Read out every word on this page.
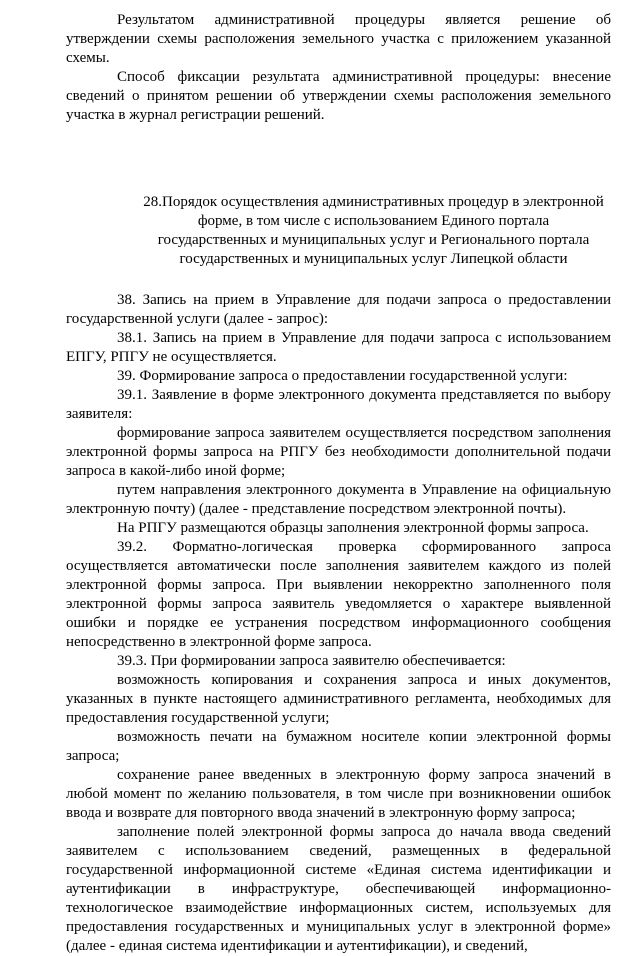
Результатом административной процедуры является решение об утверждении схемы расположения земельного участка с приложением указанной схемы.

Способ фиксации результата административной процедуры: внесение сведений о принятом решении об утверждении схемы расположения земельного участка в журнал регистрации решений.

28.Порядок осуществления административных процедур в электронной
форме, в том числе с использованием Единого портала
государственных и муниципальных услуг и Регионального портала
государственных и муниципальных услуг Липецкой области

38. Запись на прием в Управление для подачи запроса о предоставлении государственной услуги (далее - запрос):

38.1. Запись на прием в Управление для подачи запроса с использованием ЕПГУ, РПГУ не осуществляется.

39. Формирование запроса о предоставлении государственной услуги:

39.1. Заявление в форме электронного документа представляется по выбору заявителя:

формирование запроса заявителем осуществляется посредством заполнения электронной формы запроса на РПГУ без необходимости дополнительной подачи запроса в какой-либо иной форме;

путем направления электронного документа в Управление на официальную электронную почту) (далее - представление посредством электронной почты).

На РПГУ размещаются образцы заполнения электронной формы запроса.

39.2. Форматно-логическая проверка сформированного запроса осуществляется автоматически после заполнения заявителем каждого из полей электронной формы запроса. При выявлении некорректно заполненного поля электронной формы запроса заявитель уведомляется о характере выявленной ошибки и порядке ее устранения посредством информационного сообщения непосредственно в электронной форме запроса.

39.3. При формировании запроса заявителю обеспечивается:

возможность копирования и сохранения запроса и иных документов, указанных в пункте настоящего административного регламента, необходимых для предоставления государственной услуги;

возможность печати на бумажном носителе копии электронной формы запроса;

сохранение ранее введенных в электронную форму запроса значений в любой момент по желанию пользователя, в том числе при возникновении ошибок ввода и возврате для повторного ввода значений в электронную форму запроса;

заполнение полей электронной формы запроса до начала ввода сведений заявителем с использованием сведений, размещенных в федеральной государственной информационной системе «Единая система идентификации и аутентификации в инфраструктуре, обеспечивающей информационно-технологическое взаимодействие информационных систем, используемых для предоставления государственных и муниципальных услуг в электронной форме» (далее - единая система идентификации и аутентификации), и сведений,
